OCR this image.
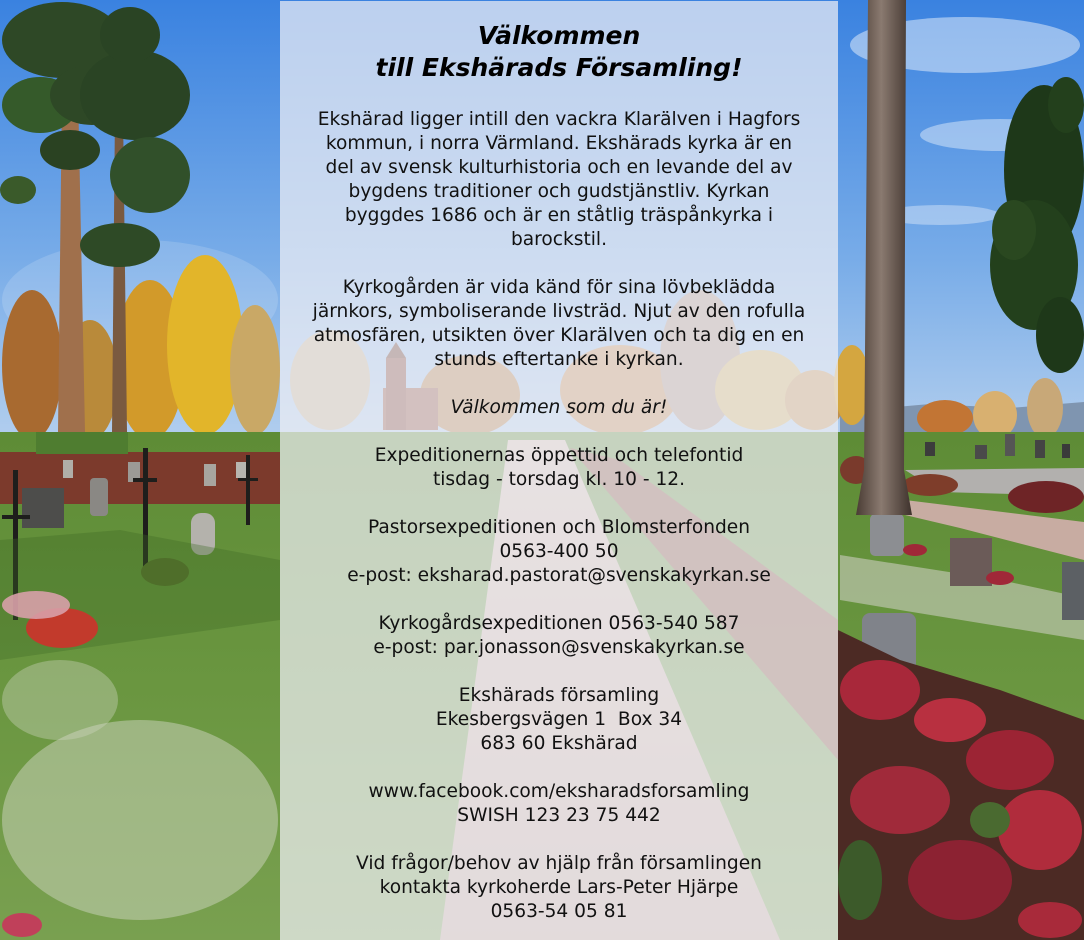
Välkommen
till Ekshärads Församling!

Ekshärad ligger intill den vackra Klarälven i Hagfors
kommun, i norra Värmland. Ekshärads kyrka är en
del av svensk kulturhistoria och en levande del av
bygdens traditioner och gudstjänstliv. Kyrkan
byggdes 1686 och är en ståtlig träspånkyrka i
barockstil.

Kyrkogården är vida känd för sina lövbeklädda
järnkors, symboliserande livsträd. Njut av den rofulla
atmosfären, utsikten över Klarälven och ta dig en en
stunds eftertanke i kyrkan.

Välkommen som du är!

Expeditionernas öppettid och telefontid
tisdag - torsdag kl. 10 - 12.

Pastorsexpeditionen och Blomsterfonden
0563-400 50
e-post: eksharad.pastorat@svenskakyrkan.se

Kyrkogårdsexpeditionen 0563-540 587
e-post: par.jonasson@svenskakyrkan.se

Ekshärads församling
Ekesbergsvägen 1  Box 34
683 60 Ekshärad

www.facebook.com/eksharadsforsamling
SWISH 123 23 75 442

Vid frågor/behov av hjälp från församlingen
kontakta kyrkoherde Lars-Peter Hjärpe
0563-54 05 81
